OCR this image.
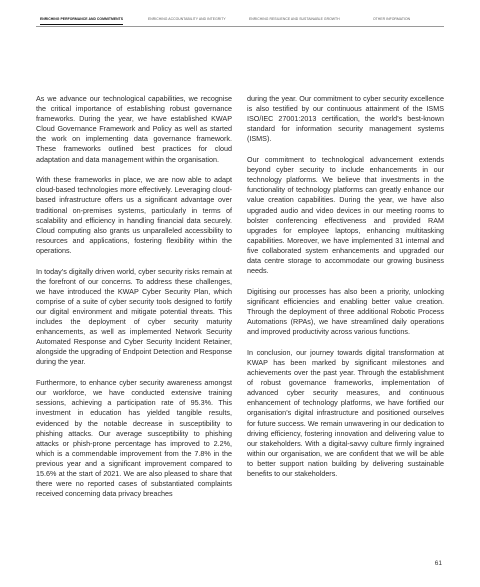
ENRICHING PERFORMANCE AND COMMITMENTS	ENRICHING ACCOUNTABILITY AND INTEGRITY	ENRICHING RESILIENCE AND SUSTAINABLE GROWTH	OTHER INFORMATION

As we advance our technological capabilities, we recognise the critical importance of establishing robust governance frameworks. During the year, we have established KWAP Cloud Governance Framework and Policy as well as started the work on implementing data governance framework. These frameworks outlined best practices for cloud adaptation and data management within the organisation.

With these frameworks in place, we are now able to adapt cloud-based technologies more effectively. Leveraging cloud-based infrastructure offers us a significant advantage over traditional on-premises systems, particularly in terms of scalability and efficiency in handling financial data securely. Cloud computing also grants us unparalleled accessibility to resources and applications, fostering flexibility within the operations.

In today’s digitally driven world, cyber security risks remain at the forefront of our concerns. To address these challenges, we have introduced the KWAP Cyber Security Plan, which comprise of a suite of cyber security tools designed to fortify our digital environment and mitigate potential threats. This includes the deployment of cyber security maturity enhancements, as well as implemented Network Security Automated Response and Cyber Security Incident Retainer, alongside the upgrading of Endpoint Detection and Response during the year.

Furthermore, to enhance cyber security awareness amongst our workforce, we have conducted extensive training sessions, achieving a participation rate of 95.3%. This investment in education has yielded tangible results, evidenced by the notable decrease in susceptibility to phishing attacks. Our average susceptibility to phishing attacks or phish-prone percentage has improved to 2.2%, which is a commendable improvement from the 7.8% in the previous year and a significant improvement compared to 15.6% at the start of 2021. We are also pleased to share that there were no reported cases of substantiated complaints received concerning data privacy breaches

during the year. Our commitment to cyber security excellence is also testified by our continuous attainment of the ISMS ISO/IEC 27001:2013 certification, the world’s best-known standard for information security management systems (ISMS).

Our commitment to technological advancement extends beyond cyber security to include enhancements in our technology platforms. We believe that investments in the functionality of technology platforms can greatly enhance our value creation capabilities. During the year, we have also upgraded audio and video devices in our meeting rooms to bolster conferencing effectiveness and provided RAM upgrades for employee laptops, enhancing multitasking capabilities. Moreover, we have implemented 31 internal and five collaborated system enhancements and upgraded our data centre storage to accommodate our growing business needs.

Digitising our processes has also been a priority, unlocking significant efficiencies and enabling better value creation. Through the deployment of three additional Robotic Process Automations (RPAs), we have streamlined daily operations and improved productivity across various functions.

In conclusion, our journey towards digital transformation at KWAP has been marked by significant milestones and achievements over the past year. Through the establishment of robust governance frameworks, implementation of advanced cyber security measures, and continuous enhancement of technology platforms, we have fortified our organisation’s digital infrastructure and positioned ourselves for future success. We remain unwavering in our dedication to driving efficiency, fostering innovation and delivering value to our stakeholders. With a digital-savvy culture firmly ingrained within our organisation, we are confident that we will be able to better support nation building by delivering sustainable benefits to our stakeholders.

61
